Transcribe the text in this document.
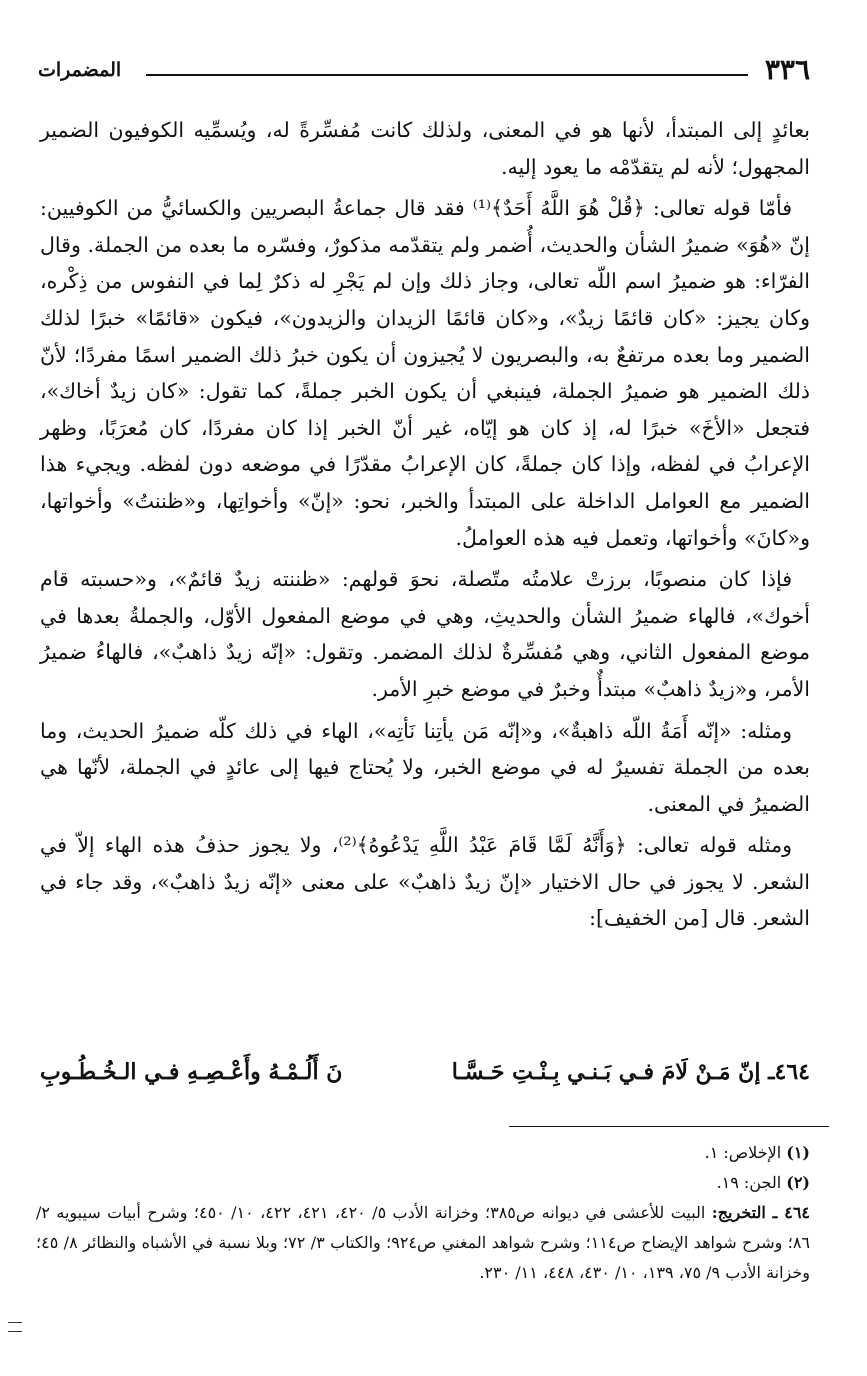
٣٣٦
المضمرات

بعائدٍ إلى المبتدأ، لأنها هو في المعنى، ولذلك كانت مُفسِّرةً له، ويُسمِّيه الكوفيون الضمير المجهول؛ لأنه لم يتقدّمْه ما يعود إليه.

فأمّا قوله تعالى: ﴿قُلْ هُوَ اللَّهُ أَحَدٌ﴾⁽¹⁾ فقد قال جماعةُ البصريين والكسائيُّ من الكوفيين: إنّ «هُوَ» ضميرُ الشأن والحديث، أُضمر ولم يتقدّمه مذكورٌ، وفسّره ما بعده من الجملة. وقال الفرّاء: هو ضميرُ اسم اللّه تعالى، وجاز ذلك وإن لم يَجْرِ له ذكرٌ لِما في النفوس من ذِكْره، وكان يجيز: «كان قائمًا زيدٌ»، و«كان قائمًا الزيدان والزيدون»، فيكون «قائمًا» خبرًا لذلك الضمير وما بعده مرتفعٌ به، والبصريون لا يُجيزون أن يكون خبرُ ذلك الضمير اسمًا مفردًا؛ لأنّ ذلك الضمير هو ضميرُ الجملة، فينبغي أن يكون الخبر جملةً، كما تقول: «كان زيدٌ أخاك»، فتجعل «الأخَ» خبرًا له، إذ كان هو إيّاه، غير أنّ الخبر إذا كان مفردًا، كان مُعرَبًا، وظهر الإعرابُ في لفظه، وإذا كان جملةً، كان الإعرابُ مقدّرًا في موضعه دون لفظه. ويجيء هذا الضمير مع العوامل الداخلة على المبتدأ والخبر، نحو: «إنّ» وأخواتِها، و«ظننتُ» وأخواتها، و«كانَ» وأخواتها، وتعمل فيه هذه العواملُ.

فإذا كان منصوبًا، برزتْ علامتُه متّصلة، نحوَ قولهم: «ظننته زيدٌ قائمٌ»، و«حسبته قام أخوك»، فالهاء ضميرُ الشأن والحديثِ، وهي في موضع المفعول الأوّل، والجملةُ بعدها في موضع المفعول الثاني، وهي مُفسِّرةٌ لذلك المضمر. وتقول: «إنّه زيدٌ ذاهبٌ»، فالهاءُ ضميرُ الأمر، و«زيدٌ ذاهبٌ» مبتدأٌ وخبرٌ في موضع خبرِ الأمر.

ومثله: «إنّه أَمَةُ اللّه ذاهبةٌ»، و«إنّه مَن يأتِنا نَأتِه»، الهاء في ذلك كلّه ضميرُ الحديث، وما بعده من الجملة تفسيرٌ له في موضع الخبر، ولا يُحتاج فيها إلى عائدٍ في الجملة، لأنّها هي الضميرُ في المعنى.

ومثله قوله تعالى: ﴿وَأَنَّهُ لَمَّا قَامَ عَبْدُ اللَّهِ يَدْعُوهُ﴾⁽²⁾، ولا يجوز حذفُ هذه الهاء إلاّ في الشعر. لا يجوز في حال الاختيار «إنّ زيدٌ ذاهبٌ» على معنى «إنّه زيدٌ ذاهبٌ»، وقد جاء في الشعر. قال [من الخفيف]:

٤٦٤ـ إنّ مَـنْ لَامَ فـي بَـنـي بِـنْـتِ حَـسَّـا
نَ أَلُـمْـهُ وأَعْـصِـهِ فـي الـخُـطُـوبِ

(١) الإخلاص: ١.

(٢) الجن: ١٩.

٤٦٤ ـ التخريج: البيت للأعشى في ديوانه ص٣٨٥؛ وخزانة الأدب ٥/ ٤٢٠، ٤٢١، ٤٢٢، ١٠/ ٤٥٠؛ وشرح أبيات سيبويه ٢/ ٨٦؛ وشرح شواهد الإيضاح ص١١٤؛ وشرح شواهد المغني ص٩٢٤؛ والكتاب ٣/ ٧٢؛ وبلا نسبة في الأشباه والنظائر ٨/ ٤٥؛ وخزانة الأدب ٩/ ٧٥، ١٣٩، ١٠/ ٤٣٠، ٤٤٨، ١١/ ٢٣٠.
